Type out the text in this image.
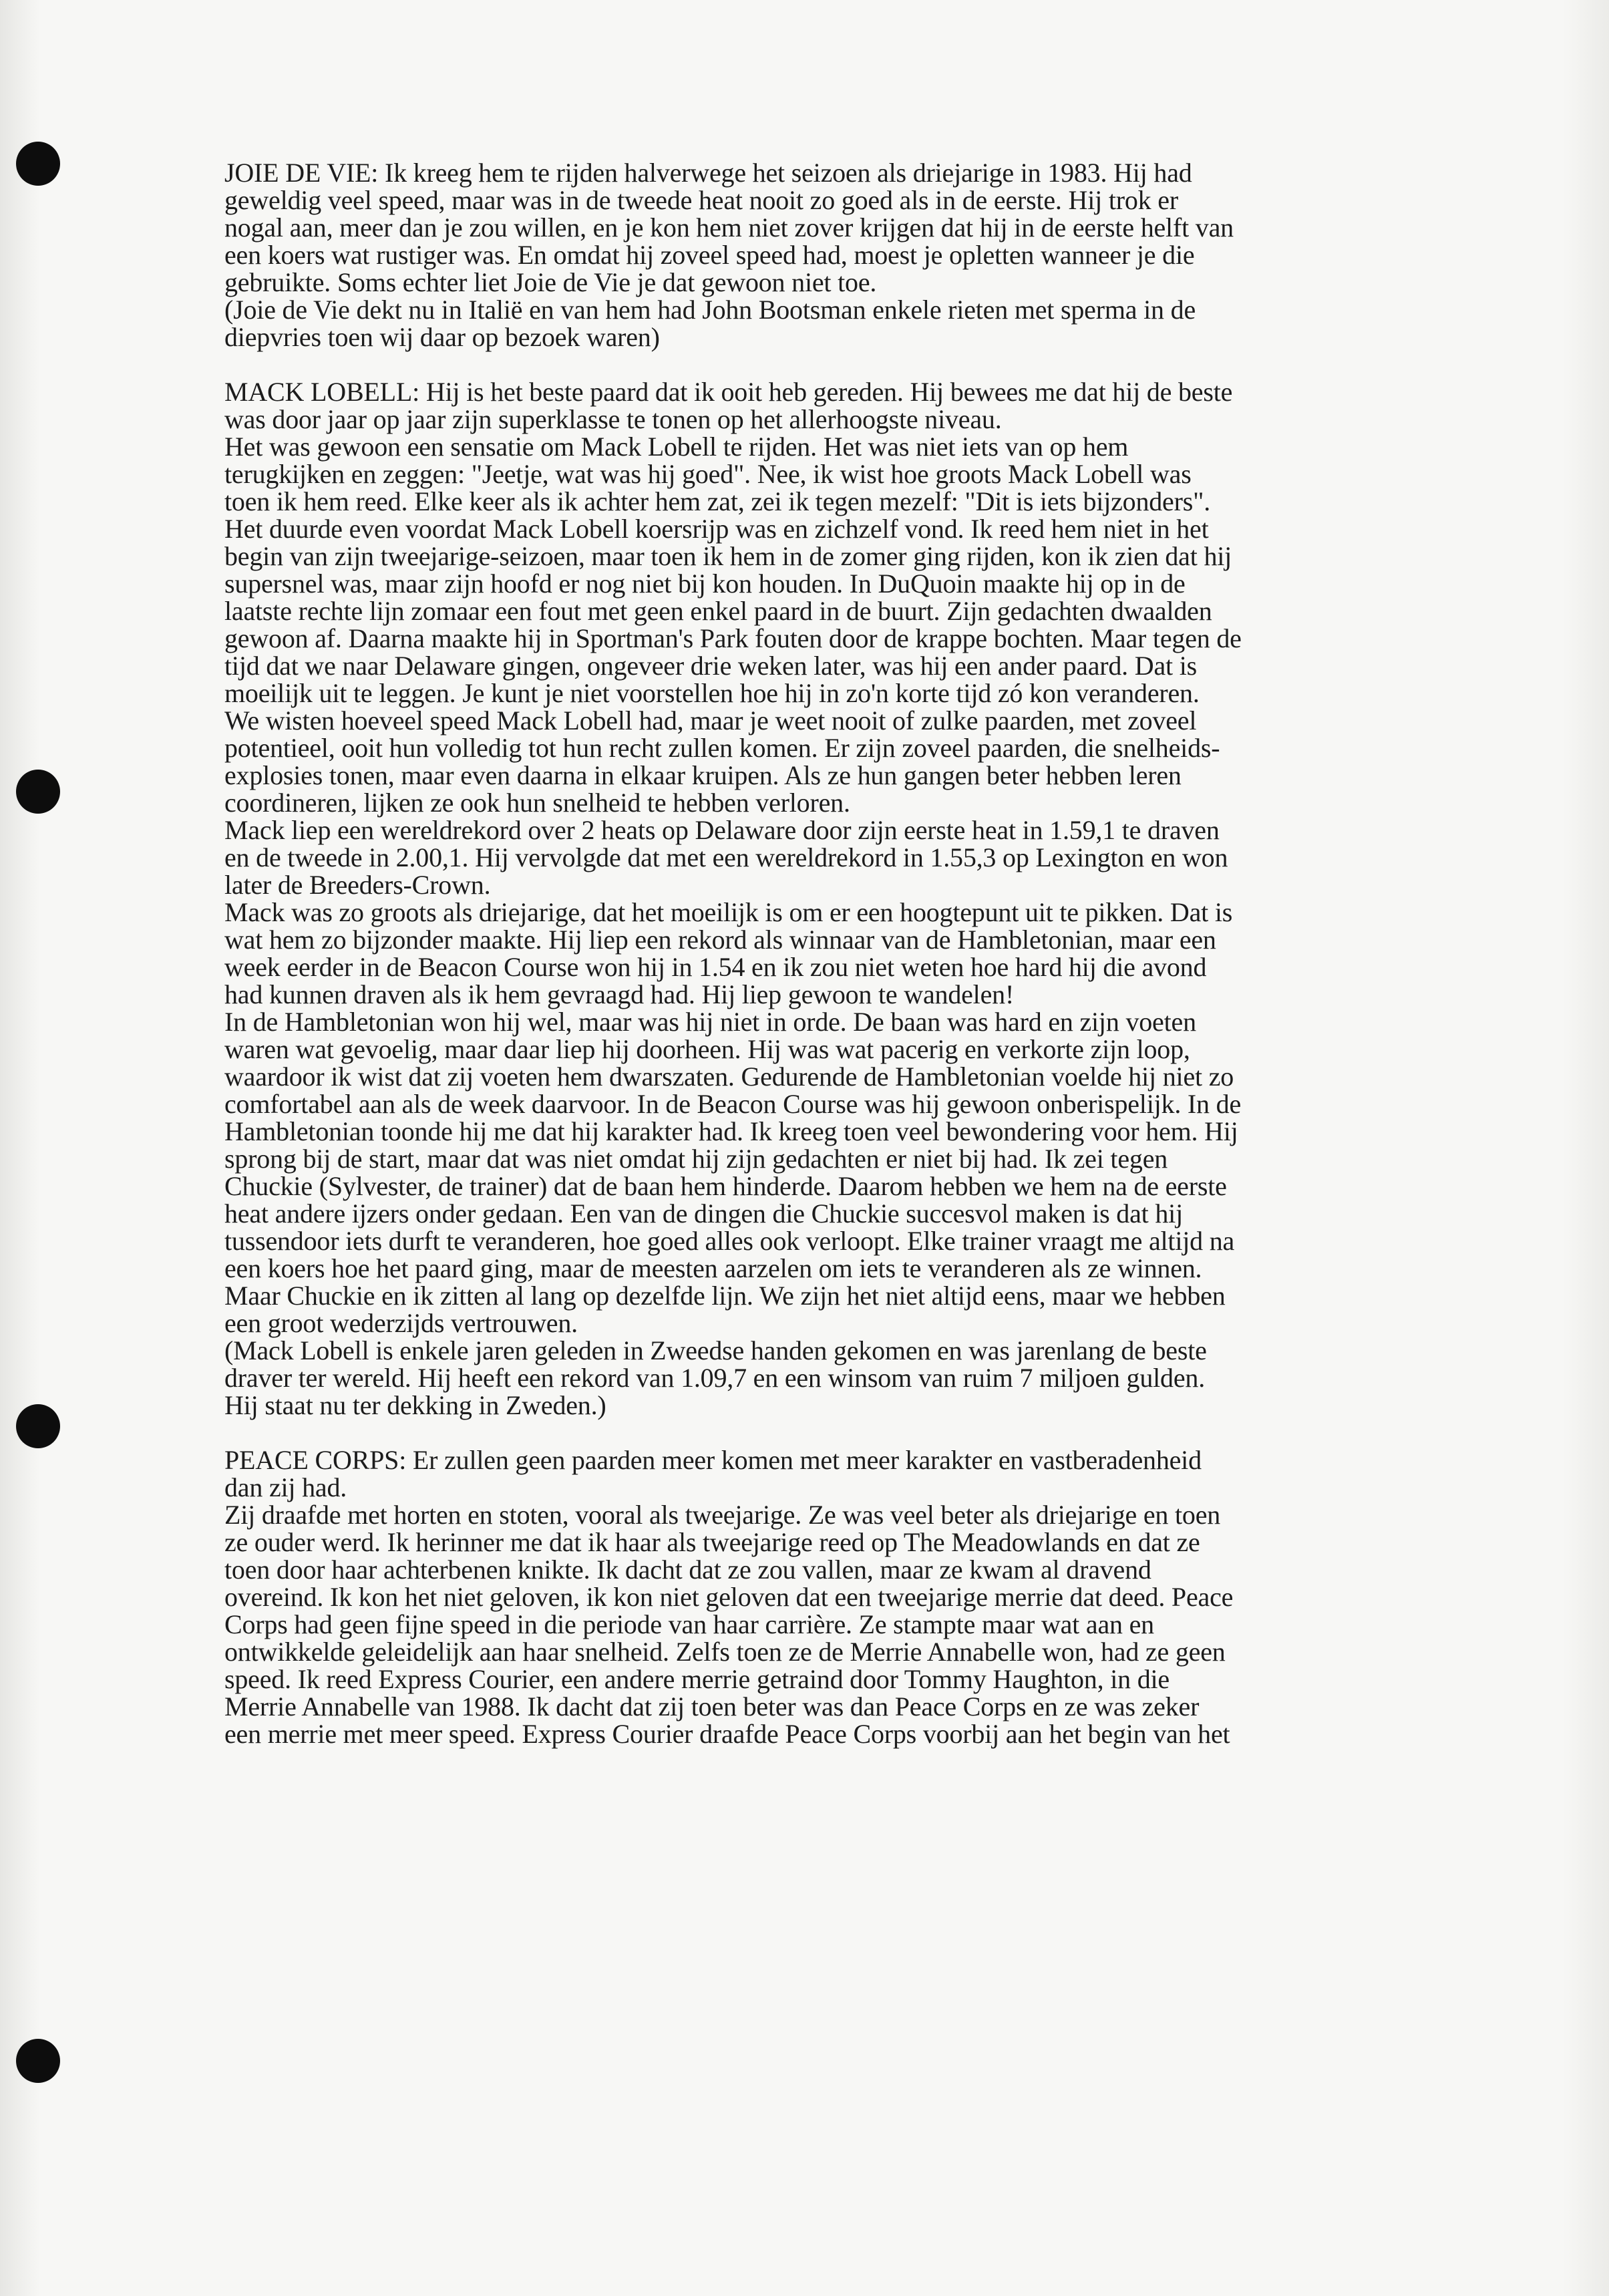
JOIE DE VIE: Ik kreeg hem te rijden halverwege het seizoen als driejarige in 1983. Hij had
geweldig veel speed, maar was in de tweede heat nooit zo goed als in de eerste. Hij trok er
nogal aan, meer dan je zou willen, en je kon hem niet zover krijgen dat hij in de eerste helft van
een koers wat rustiger was. En omdat hij zoveel speed had, moest je opletten wanneer je die
gebruikte. Soms echter liet Joie de Vie je dat gewoon niet toe.
(Joie de Vie dekt nu in Italië en van hem had John Bootsman enkele rieten met sperma in de
diepvries toen wij daar op bezoek waren)
MACK LOBELL: Hij is het beste paard dat ik ooit heb gereden. Hij bewees me dat hij de beste
was door jaar op jaar zijn superklasse te tonen op het allerhoogste niveau.
Het was gewoon een sensatie om Mack Lobell te rijden. Het was niet iets van op hem
terugkijken en zeggen: "Jeetje, wat was hij goed". Nee, ik wist hoe groots Mack Lobell was
toen ik hem reed. Elke keer als ik achter hem zat, zei ik tegen mezelf: "Dit is iets bijzonders".
Het duurde even voordat Mack Lobell koersrijp was en zichzelf vond. Ik reed hem niet in het
begin van zijn tweejarige-seizoen, maar toen ik hem in de zomer ging rijden, kon ik zien dat hij
supersnel was, maar zijn hoofd er nog niet bij kon houden. In DuQuoin maakte hij op in de
laatste rechte lijn zomaar een fout met geen enkel paard in de buurt. Zijn gedachten dwaalden
gewoon af. Daarna maakte hij in Sportman's Park fouten door de krappe bochten. Maar tegen de
tijd dat we naar Delaware gingen, ongeveer drie weken later, was hij een ander paard. Dat is
moeilijk uit te leggen. Je kunt je niet voorstellen hoe hij in zo'n korte tijd zó kon veranderen.
We wisten hoeveel speed Mack Lobell had, maar je weet nooit of zulke paarden, met zoveel
potentieel, ooit hun volledig tot hun recht zullen komen. Er zijn zoveel paarden, die snelheids-
explosies tonen, maar even daarna in elkaar kruipen. Als ze hun gangen beter hebben leren
coordineren, lijken ze ook hun snelheid te hebben verloren.
Mack liep een wereldrekord over 2 heats op Delaware door zijn eerste heat in 1.59,1 te draven
en de tweede in 2.00,1. Hij vervolgde dat met een wereldrekord in 1.55,3 op Lexington en won
later de Breeders-Crown.
Mack was zo groots als driejarige, dat het moeilijk is om er een hoogtepunt uit te pikken. Dat is
wat hem zo bijzonder maakte. Hij liep een rekord als winnaar van de Hambletonian, maar een
week eerder in de Beacon Course won hij in 1.54 en ik zou niet weten hoe hard hij die avond
had kunnen draven als ik hem gevraagd had. Hij liep gewoon te wandelen!
In de Hambletonian won hij wel, maar was hij niet in orde. De baan was hard en zijn voeten
waren wat gevoelig, maar daar liep hij doorheen. Hij was wat pacerig en verkorte zijn loop,
waardoor ik wist dat zij voeten hem dwarszaten. Gedurende de Hambletonian voelde hij niet zo
comfortabel aan als de week daarvoor. In de Beacon Course was hij gewoon onberispelijk. In de
Hambletonian toonde hij me dat hij karakter had. Ik kreeg toen veel bewondering voor hem. Hij
sprong bij de start, maar dat was niet omdat hij zijn gedachten er niet bij had. Ik zei tegen
Chuckie (Sylvester, de trainer) dat de baan hem hinderde. Daarom hebben we hem na de eerste
heat andere ijzers onder gedaan. Een van de dingen die Chuckie succesvol maken is dat hij
tussendoor iets durft te veranderen, hoe goed alles ook verloopt. Elke trainer vraagt me altijd na
een koers hoe het paard ging, maar de meesten aarzelen om iets te veranderen als ze winnen.
Maar Chuckie en ik zitten al lang op dezelfde lijn. We zijn het niet altijd eens, maar we hebben
een groot wederzijds vertrouwen.
(Mack Lobell is enkele jaren geleden in Zweedse handen gekomen en was jarenlang de beste
draver ter wereld. Hij heeft een rekord van 1.09,7 en een winsom van ruim 7 miljoen gulden.
Hij staat nu ter dekking in Zweden.)
PEACE CORPS: Er zullen geen paarden meer komen met meer karakter en vastberadenheid
dan zij had.
Zij draafde met horten en stoten, vooral als tweejarige. Ze was veel beter als driejarige en toen
ze ouder werd. Ik herinner me dat ik haar als tweejarige reed op The Meadowlands en dat ze
toen door haar achterbenen knikte. Ik dacht dat ze zou vallen, maar ze kwam al dravend
overeind. Ik kon het niet geloven, ik kon niet geloven dat een tweejarige merrie dat deed. Peace
Corps had geen fijne speed in die periode van haar carrière. Ze stampte maar wat aan en
ontwikkelde geleidelijk aan haar snelheid. Zelfs toen ze de Merrie Annabelle won, had ze geen
speed. Ik reed Express Courier, een andere merrie getraind door Tommy Haughton, in die
Merrie Annabelle van 1988. Ik dacht dat zij toen beter was dan Peace Corps en ze was zeker
een merrie met meer speed. Express Courier draafde Peace Corps voorbij aan het begin van het
